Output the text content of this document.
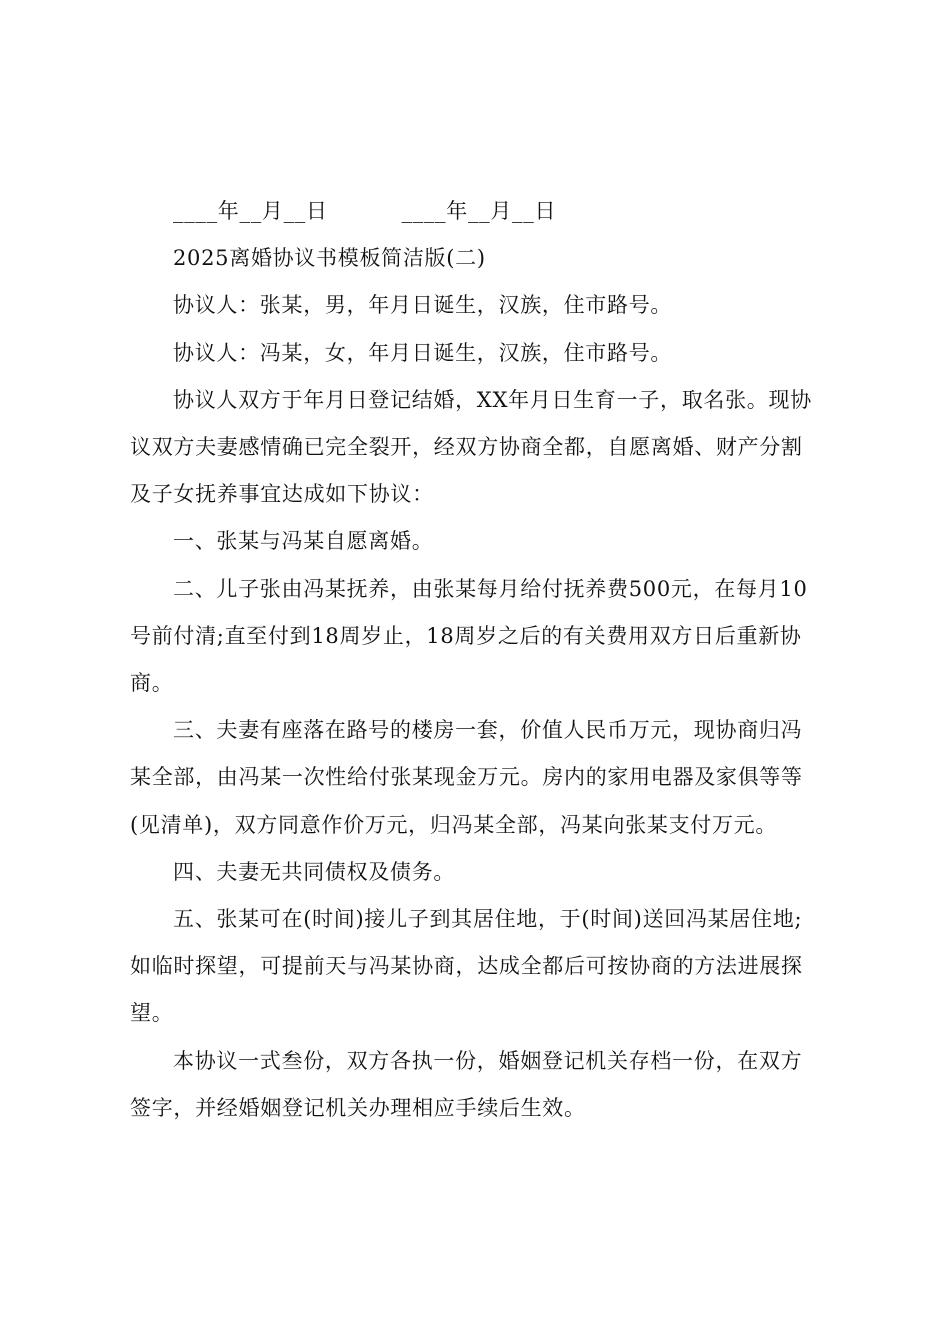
____年__月__日          ____年__月__日
2025离婚协议书模板简洁版(二)
协议人：张某，男，年月日诞生，汉族，住市路号。
协议人：冯某，女，年月日诞生，汉族，住市路号。
协议人双方于年月日登记结婚，XX年月日生育一子，取名张。现协
议双方夫妻感情确已完全裂开，经双方协商全都，自愿离婚、财产分割
及子女抚养事宜达成如下协议：
一、张某与冯某自愿离婚。
二、儿子张由冯某抚养，由张某每月给付抚养费500元，在每月10
号前付清;直至付到18周岁止，18周岁之后的有关费用双方日后重新协
商。
三、夫妻有座落在路号的楼房一套，价值人民币万元，现协商归冯
某全部，由冯某一次性给付张某现金万元。房内的家用电器及家俱等等
(见清单)，双方同意作价万元，归冯某全部，冯某向张某支付万元。
四、夫妻无共同债权及债务。
五、张某可在(时间)接儿子到其居住地，于(时间)送回冯某居住地;
如临时探望，可提前天与冯某协商，达成全都后可按协商的方法进展探
望。
本协议一式叁份，双方各执一份，婚姻登记机关存档一份，在双方
签字，并经婚姻登记机关办理相应手续后生效。
